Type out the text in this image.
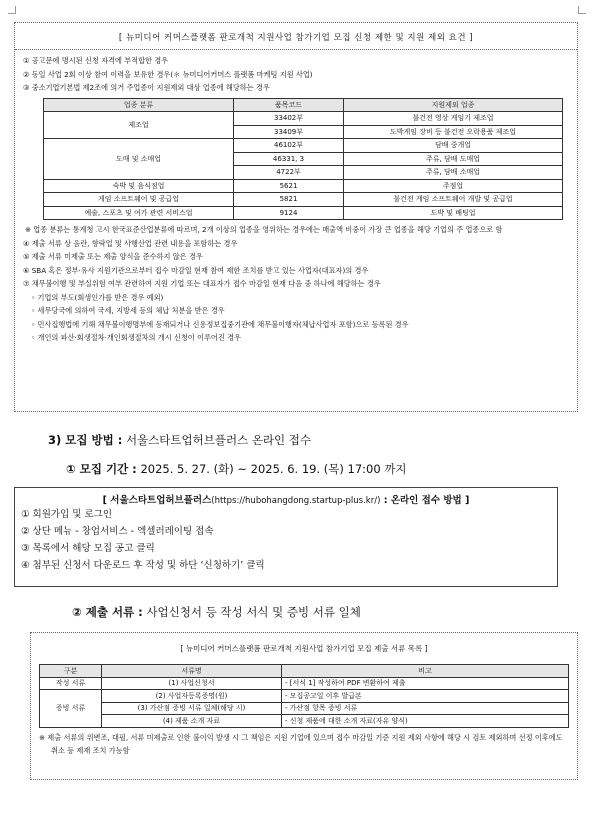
[ 뉴미디어 커머스플랫폼 판로개척 지원사업 참가기업 모집 신청 제한 및 지원 제외 요건 ]
① 공고문에 명시된 신청 자격에 부적합한 경우
② 동일 사업 2회 이상 참여 이력을 보유한 경우(＊ 뉴미디어커머스 플랫폼 마케팅 지원 사업)
③ 중소기업기본법 제2조에 의거 주업종이 지원제외 대상 업종에 해당하는 경우
업종 분류	품목코드	지원제외 업종
제조업	33402부	불건전 영상 게임기 제조업
	33409부	도박게임 장비 등 불건전 오락용품 제조업
도매 및 소매업	46102부	담배 중개업
	46331, 3	주류, 담배 도매업
	4722부	주류, 담배 소매업
숙박 및 음식점업	5621	주점업
게임 소프트웨어 및 공급업	5821	불건전 게임 소프트웨어 개발 및 공급업
예술, 스포츠 및 여가 관련 서비스업	9124	도박 및 배팅업
※ 업종 분류는 통계청 고시 한국표준산업분류에 따르며, 2개 이상의 업종을 영위하는 경우에는 매출액 비중이 가장 큰 업종을 해당 기업의 주 업종으로 함
④ 제출 서류 상 음란, 향락업 및 사행산업 관련 내용을 포함하는 경우
⑤ 제출 서류 미제출 또는 제출 양식을 준수하지 않은 경우
⑥ SBA 혹은 정부·유사 지원기관으로부터 접수 마감일 현재 참여 제한 조치를 받고 있는 사업자(대표자)의 경우
⑦ 채무불이행 및 부실위험 여부 관련하여 지원 기업 또는 대표자가 접수 마감일 현재 다음 중 하나에 해당하는 경우
◦ 기업의 부도(회생인가를 받은 경우 예외)
◦ 세무당국에 의하여 국세, 지방세 등의 체납 처분을 받은 경우
◦ 민사집행법에 기해 채무불이행명부에 등재되거나 신용정보집중기관에 채무불이행자(체납사업자 포함)으로 등록된 경우
◦ 개인의 파산·회생절차·개인회생절차의 개시 신청이 이루어진 경우
3) 모집 방법 : 서울스타트업허브플러스 온라인 접수
① 모집 기간 : 2025. 5. 27. (화) ~ 2025. 6. 19. (목) 17:00 까지
[ 서울스타트업허브플러스(https://hubohangdong.startup-plus.kr/) : 온라인 접수 방법 ]
① 회원가입 및 로그인
② 상단 메뉴 - 창업서비스 - 엑셀러레이팅 접속
③ 목록에서 해당 모집 공고 클릭
④ 첨부된 신청서 다운로드 후 작성 및 하단 ‘신청하기’ 클릭
② 제출 서류 : 사업신청서 등 작성 서식 및 증빙 서류 일체
[ 뉴미디어 커머스플랫폼 판로개척 지원사업 참가기업 모집 제출 서류 목록 ]
구분	서류명	비고
작성 서류	(1) 사업신청서	- [서식 1] 작성하여 PDF 변환하여 제출
증빙 서류	(2) 사업자등록증명(원)	- 모집공고일 이후 발급본
	(3) 가산점 증빙 서류 일체(해당 시)	- 가산점 항목 증빙 서류
	(4) 제품 소개 자료	- 신청 제품에 대한 소개 자료(자유 양식)
※ 제출 서류의 위변조, 대필, 서류 미제출로 인한 불이익 발생 시 그 책임은 지원 기업에 있으며 접수 마감일 기준 지원 제외 사항에 해당 시 검토 제외하며 선정 이후에도 취소 등 제재 조치 가능함
